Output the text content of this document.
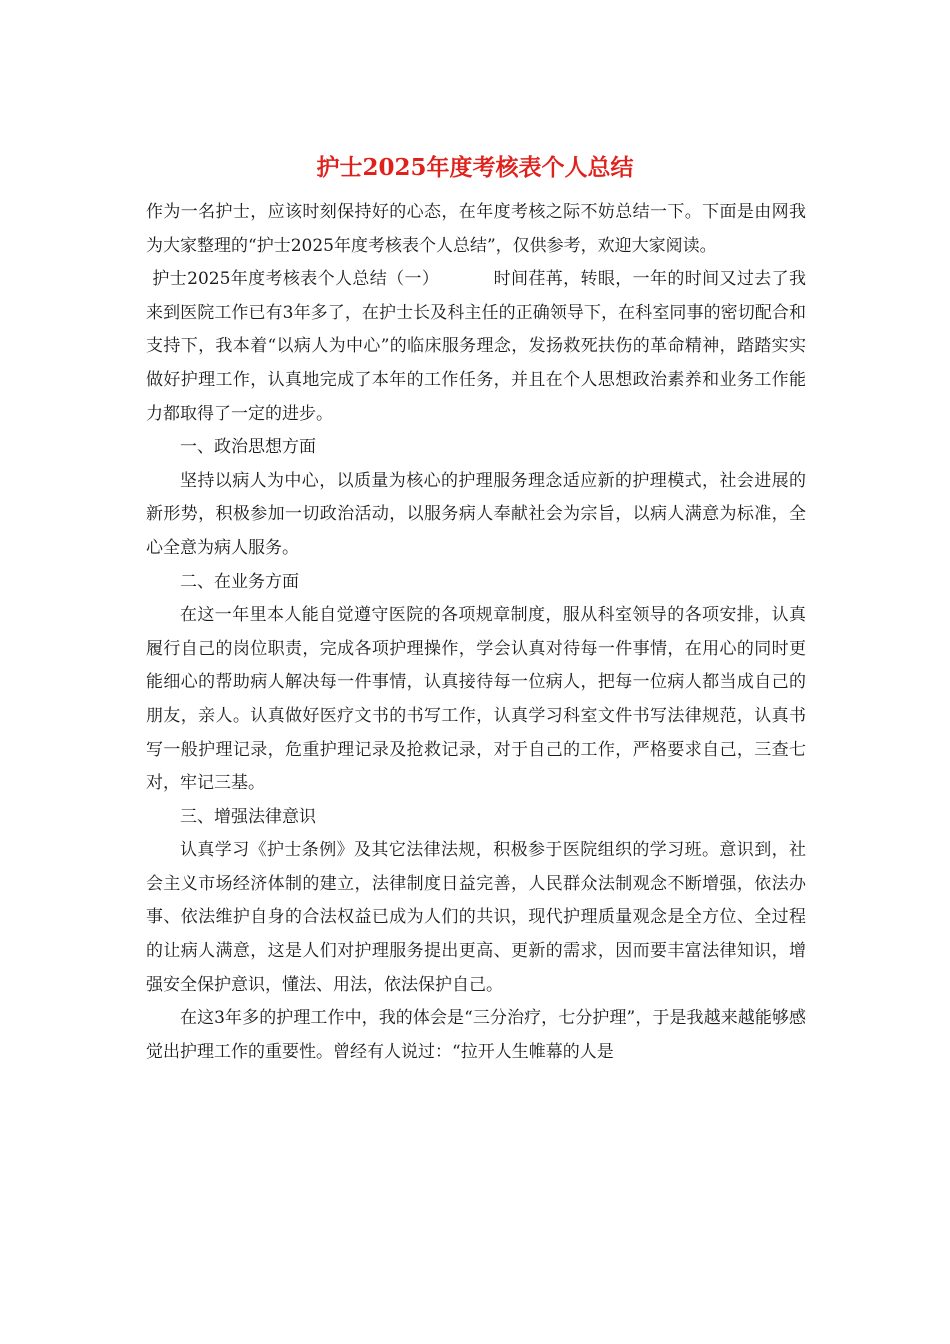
护士2025年度考核表个人总结

作为一名护士，应该时刻保持好的心态，在年度考核之际不妨总结一下。下面是由网我为大家整理的“护士2025年度考核表个人总结”，仅供参考，欢迎大家阅读。

护士2025年度考核表个人总结（一）	时间荏苒，转眼，一年的时间又过去了我来到医院工作已有3年多了，在护士长及科主任的正确领导下，在科室同事的密切配合和支持下，我本着“以病人为中心”的临床服务理念，发扬救死扶伤的革命精神，踏踏实实做好护理工作，认真地完成了本年的工作任务，并且在个人思想政治素养和业务工作能力都取得了一定的进步。

一、政治思想方面

坚持以病人为中心，以质量为核心的护理服务理念适应新的护理模式，社会进展的新形势，积极参加一切政治活动，以服务病人奉献社会为宗旨，以病人满意为标准，全心全意为病人服务。

二、在业务方面

在这一年里本人能自觉遵守医院的各项规章制度，服从科室领导的各项安排，认真履行自己的岗位职责，完成各项护理操作，学会认真对待每一件事情，在用心的同时更能细心的帮助病人解决每一件事情，认真接待每一位病人，把每一位病人都当成自己的朋友，亲人。认真做好医疗文书的书写工作，认真学习科室文件书写法律规范，认真书写一般护理记录，危重护理记录及抢救记录，对于自己的工作，严格要求自己，三查七对，牢记三基。

三、增强法律意识

认真学习《护士条例》及其它法律法规，积极参于医院组织的学习班。意识到，社会主义市场经济体制的建立，法律制度日益完善，人民群众法制观念不断增强，依法办事、依法维护自身的合法权益已成为人们的共识，现代护理质量观念是全方位、全过程的让病人满意，这是人们对护理服务提出更高、更新的需求，因而要丰富法律知识，增强安全保护意识，懂法、用法，依法保护自己。

在这3年多的护理工作中，我的体会是“三分治疗，七分护理”，于是我越来越能够感觉出护理工作的重要性。曾经有人说过：“拉开人生帷幕的人是
